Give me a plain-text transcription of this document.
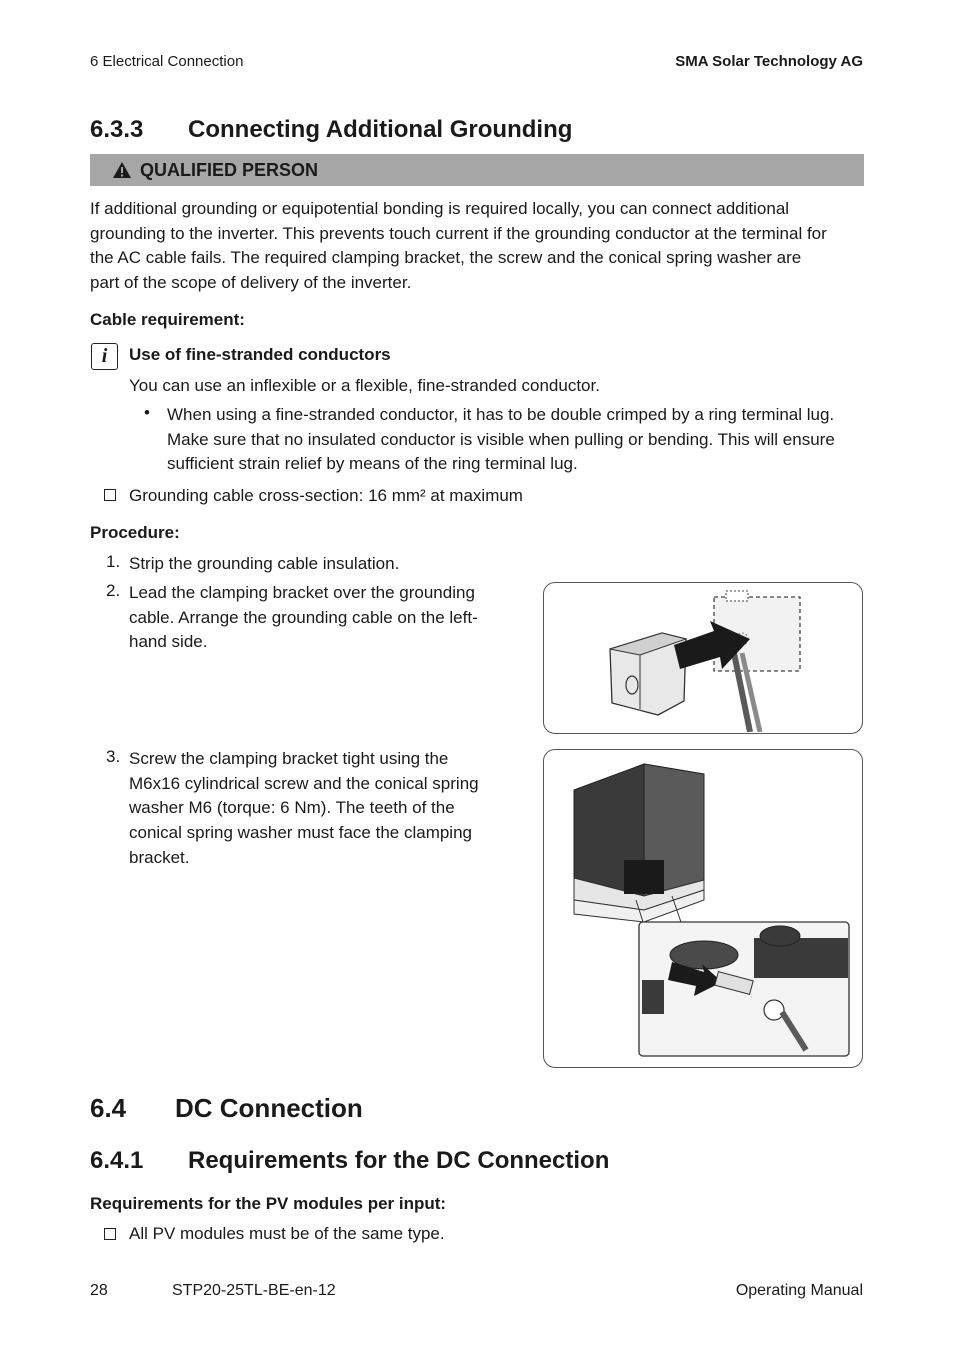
6 Electrical Connection	SMA Solar Technology AG
6.3.3 Connecting Additional Grounding
QUALIFIED PERSON

If additional grounding or equipotential bonding is required locally, you can connect additional

grounding to the inverter. This prevents touch current if the grounding conductor at the terminal for

the AC cable fails. The required clamping bracket, the screw and the conical spring washer are

part of the scope of delivery of the inverter.

Cable requirement:
i	Use of fine-stranded conductors

You can use an inflexible or a flexible, fine-stranded conductor.

• When using a fine-stranded conductor, it has to be double crimped by a ring terminal lug.

Make sure that no insulated conductor is visible when pulling or bending. This will ensure

sufficient strain relief by means of the ring terminal lug.

Grounding cable cross-section: 16 mm² at maximum

Procedure:
1. Strip the grounding cable insulation.

2. Lead the clamping bracket over the grounding

cable. Arrange the grounding cable on the left-

hand side.

3. Screw the clamping bracket tight using the

M6x16 cylindrical screw and the conical spring

washer M6 (torque: 6 Nm). The teeth of the

conical spring washer must face the clamping

bracket.

6.4 DC Connection
6.4.1 Requirements for the DC Connection
Requirements for the PV modules per input:

All PV modules must be of the same type.

28	STP20-25TL-BE-en-12	Operating Manual
